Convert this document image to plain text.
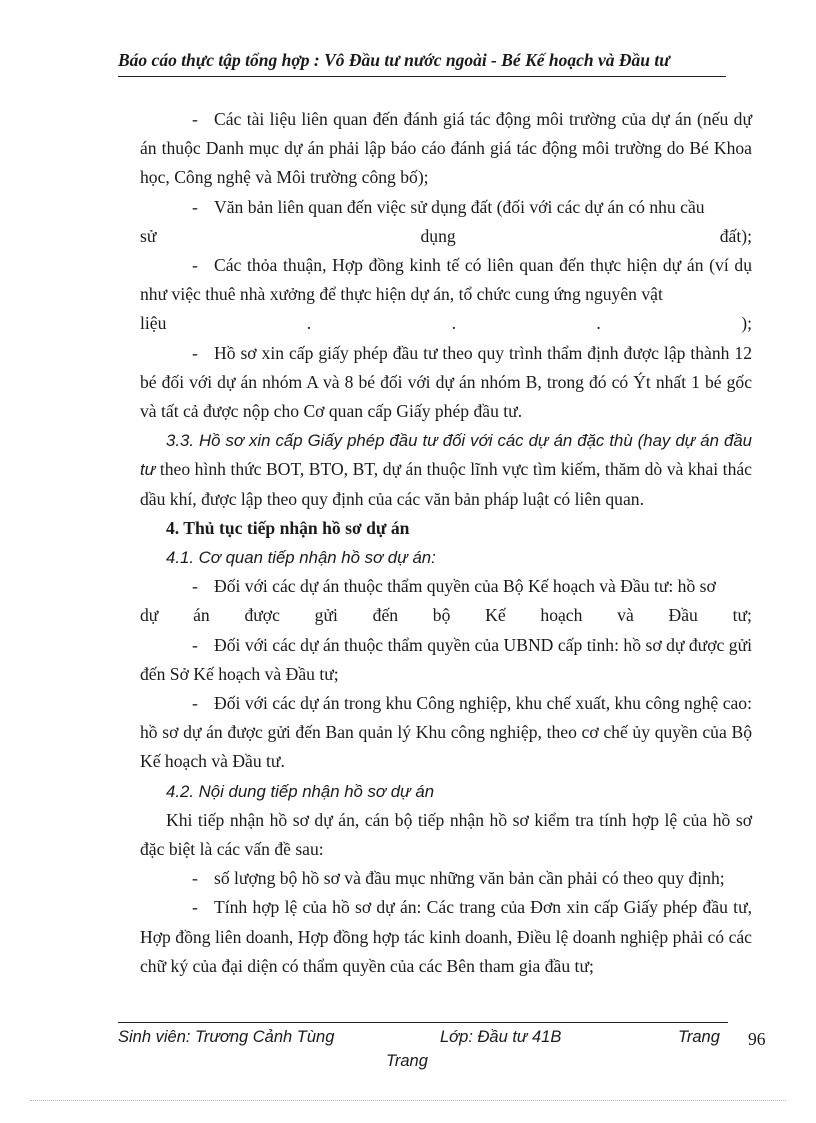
Báo cáo thực tập tổng hợp : Vô Đầu tư nước ngoài - Bé Kế hoạch và Đầu tư

- Các tài liệu liên quan đến đánh giá tác động môi trường của dự án (nếu dự án thuộc Danh mục dự án phải lập báo cáo đánh giá tác động môi trường do Bé Khoa học, Công nghệ và Môi trường công bố);

- Văn bản liên quan đến việc sử dụng đất (đối với các dự án có nhu cầu

sử	dụng	đất);

- Các thỏa thuận, Hợp đồng kinh tế có liên quan đến thực hiện dự án (ví dụ như việc thuê nhà xưởng để thực hiện dự án, tổ chức cung ứng nguyên vật

liệu	.	.	.	);

- Hồ sơ xin cấp giấy phép đầu tư theo quy trình thẩm định được lập thành 12 bé đối với dự án nhóm A và 8 bé đối với dự án nhóm B, trong đó có Ýt nhất 1 bé gốc và tất cả được nộp cho Cơ quan cấp Giấy phép đầu tư.

3.3. Hồ sơ xin cấp Giấy phép đầu tư đối với các dự án đặc thù (hay dự án đầu tư theo hình thức BOT, BTO, BT, dự án thuộc lĩnh vực tìm kiếm, thăm dò và khai thác dầu khí, được lập theo quy định của các văn bản pháp luật có liên quan.

4. Thủ tục tiếp nhận hồ sơ dự án

4.1. Cơ quan tiếp nhận hồ sơ dự án:

- Đối với các dự án thuộc thẩm quyền của Bộ Kế hoạch và Đầu tư: hồ sơ

dự án được gửi đến bộ Kế hoạch và Đầu tư;

- Đối với các dự án thuộc thẩm quyền của UBND cấp tỉnh: hồ sơ dự được gửi đến Sở Kế hoạch và Đầu tư;

- Đối với các dự án trong khu Công nghiệp, khu chế xuất, khu công nghệ cao: hồ sơ dự án được gửi đến Ban quản lý Khu công nghiệp, theo cơ chế ủy quyền của Bộ Kế hoạch và Đầu tư.

4.2. Nội dung tiếp nhận hồ sơ dự án

Khi tiếp nhận hồ sơ dự án, cán bộ tiếp nhận hồ sơ kiểm tra tính hợp lệ của hồ sơ đặc biệt là các vấn đề sau:

- số lượng bộ hồ sơ và đầu mục những văn bản cần phải có theo quy định;

- Tính hợp lệ của hồ sơ dự án: Các trang của Đơn xin cấp Giấy phép đầu tư, Hợp đồng liên doanh, Hợp đồng hợp tác kinh doanh, Điều lệ doanh nghiệp phải có các chữ ký của đại diện có thẩm quyền của các Bên tham gia đầu tư;

Sinh viên: Trương Cảnh Tùng	Lớp: Đầu tư 41B	Trang 96
Trang
